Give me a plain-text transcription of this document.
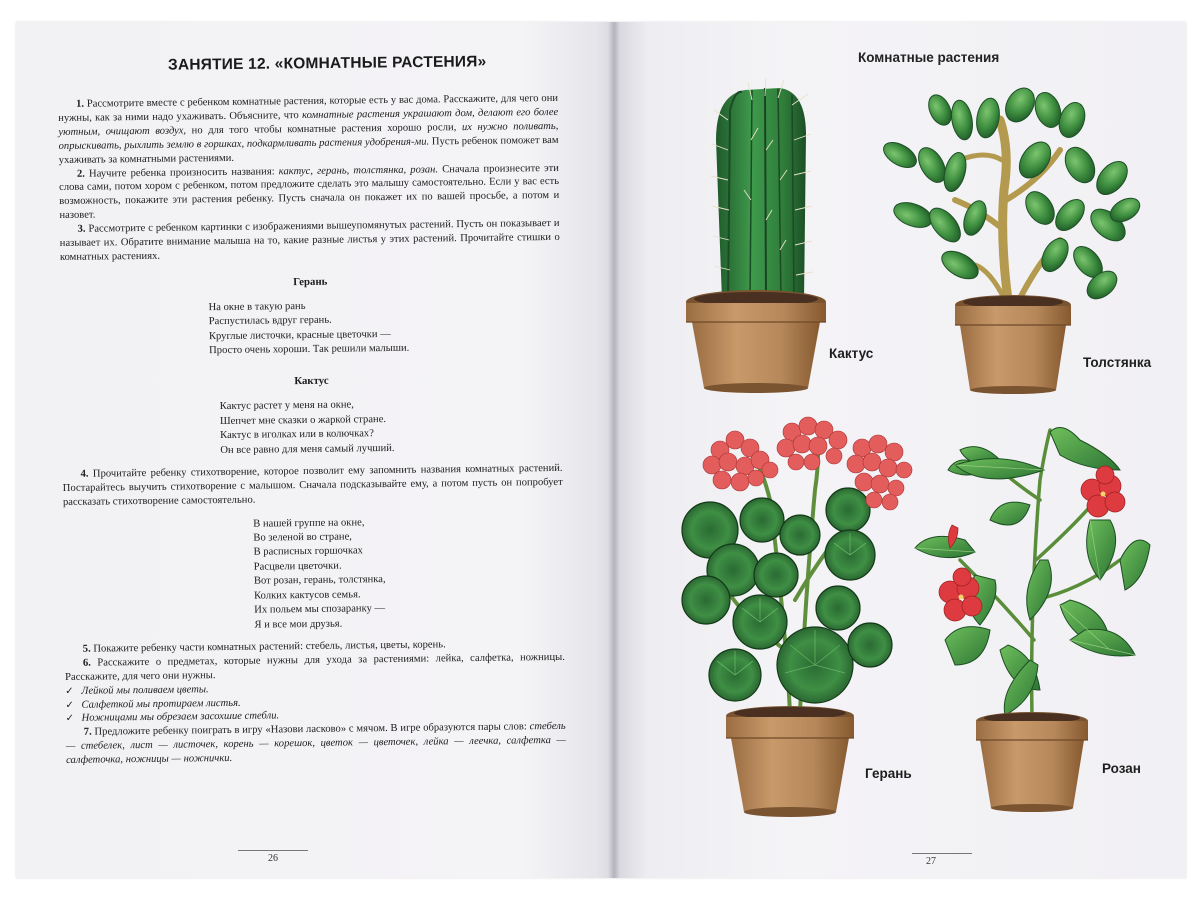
ЗАНЯТИЕ 12. «КОМНАТНЫЕ РАСТЕНИЯ»

1. Рассмотрите вместе с ребенком комнатные растения, которые есть у вас дома. Расскажите, для чего они нужны, как за ними надо ухаживать. Объясните, что комнатные растения украшают дом, делают его более уютным, очищают воздух, но для того чтобы комнатные растения хорошо росли, их нужно поливать, опрыскивать, рыхлить землю в горшках, подкармливать растения удобрения-ми. Пусть ребенок поможет вам ухаживать за комнатными растениями.

2. Научите ребенка произносить названия: кактус, герань, толстянка, розан. Сначала произнесите эти слова сами, потом хором с ребенком, потом предложите сделать это малышу самостоятельно. Если у вас есть возможность, покажите эти растения ребенку. Пусть сначала он покажет их по вашей просьбе, а потом и назовет.

3. Рассмотрите с ребенком картинки с изображениями вышеупомянутых растений. Пусть он показывает и называет их. Обратите внимание малыша на то, какие разные листья у этих растений. Прочитайте стишки о комнатных растениях.

Герань
На окне в такую рань
Распустилась вдруг герань.
Круглые листочки, красные цветочки —
Просто очень хороши. Так решили малыши.
Кактус
Кактус растет у меня на окне,
Шепчет мне сказки о жаркой стране.
Кактус в иголках или в колючках?
Он все равно для меня самый лучший.

4. Прочитайте ребенку стихотворение, которое позволит ему запомнить названия комнатных растений. Постарайтесь выучить стихотворение с малышом. Сначала подсказывайте ему, а потом пусть он попробует рассказать стихотворение самостоятельно.

В нашей группе на окне,
Во зеленой во стране,
В расписных горшочках
Расцвели цветочки.
Вот розан, герань, толстянка,
Колких кактусов семья.
Их польем мы спозаранку —
Я и все мои друзья.

5. Покажите ребенку части комнатных растений: стебель, листья, цветы, корень.

6. Расскажите о предметах, которые нужны для ухода за растениями: лейка, салфетка, ножницы. Расскажите, для чего они нужны.

✓ Лейкой мы поливаем цветы.
✓ Салфеткой мы протираем листья.
✓ Ножницами мы обрезаем засохшие стебли.

7. Предложите ребенку поиграть в игру «Назови ласково» с мячом. В игре образуются пары слов: стебель — стебелек, лист — листочек, корень — корешок, цветок — цветочек, лейка — леечка, салфетка — салфеточка, ножницы — ножнички.

26
Комнатные растения
Кактус
Толстянка
Герань	Розан
27
